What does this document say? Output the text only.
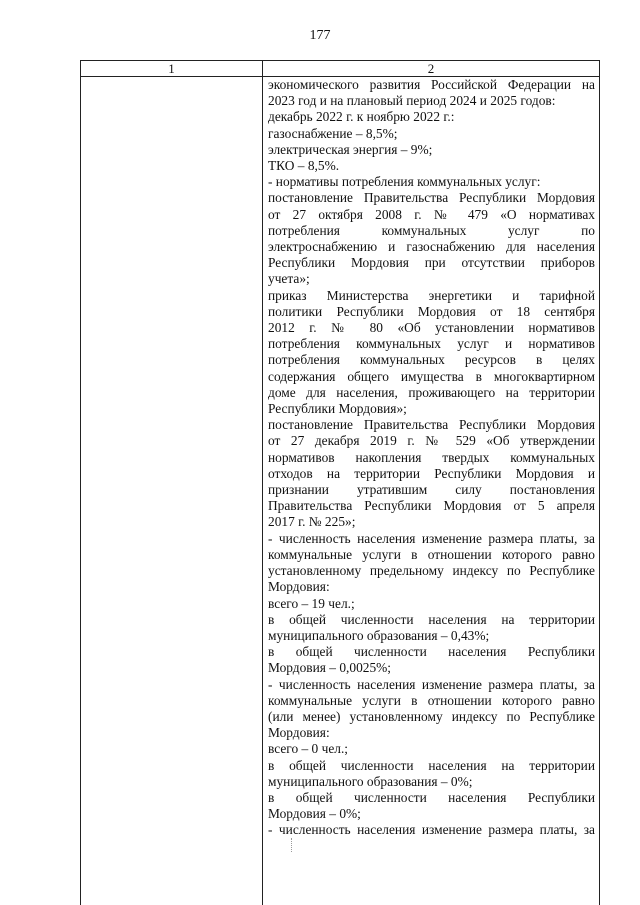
177
1	2
экономического развития Российской Федерации на
2023 год и на плановый период 2024 и 2025 годов:
декабрь 2022 г. к ноябрю 2022 г.:
газоснабжение – 8,5%;
электрическая энергия – 9%;
ТКО – 8,5%.
- нормативы потребления коммунальных услуг:
постановление Правительства Республики Мордовия
от 27 октября 2008 г. № 479 «О нормативах
потребления коммунальных услуг по
электроснабжению и газоснабжению для населения
Республики Мордовия при отсутствии приборов
учета»;
приказ Министерства энергетики и тарифной
политики Республики Мордовия от 18 сентября
2012 г. № 80 «Об установлении нормативов
потребления коммунальных услуг и нормативов
потребления коммунальных ресурсов в целях
содержания общего имущества в многоквартирном
доме для населения, проживающего на территории
Республики Мордовия»;
постановление Правительства Республики Мордовия
от 27 декабря 2019 г. № 529 «Об утверждении
нормативов накопления твердых коммунальных
отходов на территории Республики Мордовия и
признании утратившим силу постановления
Правительства Республики Мордовия от 5 апреля
2017 г. № 225»;
- численность населения изменение размера платы, за
коммунальные услуги в отношении которого равно
установленному предельному индексу по Республике
Мордовия:
всего – 19 чел.;
в общей численности населения на территории
муниципального образования – 0,43%;
в общей численности населения Республики
Мордовия – 0,0025%;
- численность населения изменение размера платы, за
коммунальные услуги в отношении которого равно
(или менее) установленному индексу по Республике
Мордовия:
всего – 0 чел.;
в общей численности населения на территории
муниципального образования – 0%;
в общей численности населения Республики
Мордовия – 0%;
- численность населения изменение размера платы, за
